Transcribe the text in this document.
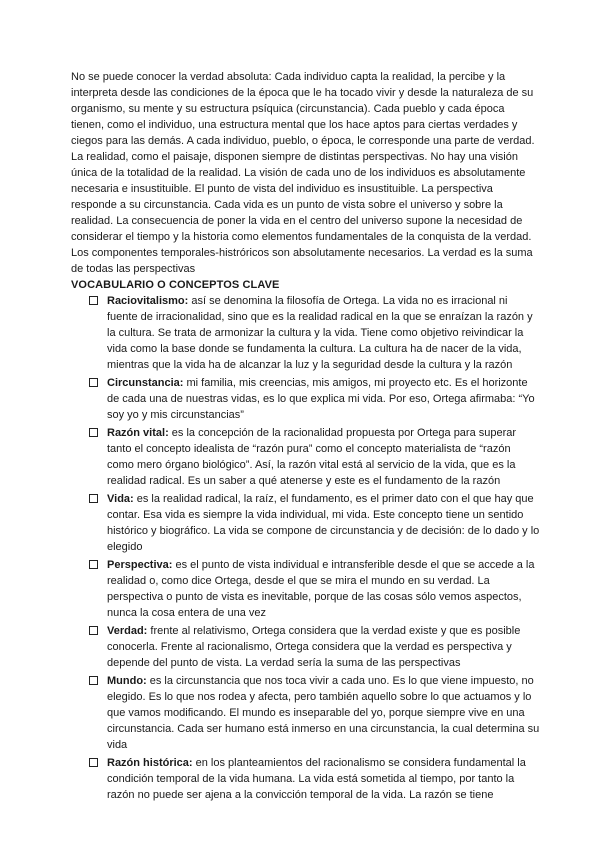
No se puede conocer la verdad absoluta: Cada individuo capta la realidad, la percibe y la interpreta desde las condiciones de la época que le ha tocado vivir y desde la naturaleza de su organismo, su mente y su estructura psíquica (circunstancia). Cada pueblo y cada época tienen, como el individuo, una estructura mental que los hace aptos para ciertas verdades y ciegos para las demás. A cada individuo, pueblo, o época, le corresponde una parte de verdad. La realidad, como el paisaje, disponen siempre de distintas perspectivas. No hay una visión única de la totalidad de la realidad. La visión de cada uno de los individuos es absolutamente necesaria e insustituible. El punto de vista del individuo es insustituible. La perspectiva responde a su circunstancia. Cada vida es un punto de vista sobre el universo y sobre la realidad. La consecuencia de poner la vida en el centro del universo supone la necesidad de considerar el tiempo y la historia como elementos fundamentales de la conquista de la verdad. Los componentes temporales-histróricos son absolutamente necesarios. La verdad es la suma de todas las perspectivas

VOCABULARIO O CONCEPTOS CLAVE
Raciovitalismo: así se denomina la filosofía de Ortega. La vida no es irracional ni fuente de irracionalidad, sino que es la realidad radical en la que se enraízan la razón y la cultura. Se trata de armonizar la cultura y la vida. Tiene como objetivo reivindicar la vida como la base donde se fundamenta la cultura. La cultura ha de nacer de la vida, mientras que la vida ha de alcanzar la luz y la seguridad desde la cultura y la razón
Circunstancia: mi familia, mis creencias, mis amigos, mi proyecto etc. Es el horizonte de cada una de nuestras vidas, es lo que explica mi vida. Por eso, Ortega afirmaba: “Yo soy yo y mis circunstancias”
Razón vital: es la concepción de la racionalidad propuesta por Ortega para superar tanto el concepto idealista de “razón pura” como el concepto materialista de “razón como mero órgano biológico”. Así, la razón vital está al servicio de la vida, que es la realidad radical. Es un saber a qué atenerse y este es el fundamento de la razón
Vida: es la realidad radical, la raíz, el fundamento, es el primer dato con el que hay que contar. Esa vida es siempre la vida individual, mi vida. Este concepto tiene un sentido histórico y biográfico. La vida se compone de circunstancia y de decisión: de lo dado y lo elegido
Perspectiva: es el punto de vista individual e intransferible desde el que se accede a la realidad o, como dice Ortega, desde el que se mira el mundo en su verdad. La perspectiva o punto de vista es inevitable, porque de las cosas sólo vemos aspectos, nunca la cosa entera de una vez
Verdad: frente al relativismo, Ortega considera que la verdad existe y que es posible conocerla. Frente al racionalismo, Ortega considera que la verdad es perspectiva y depende del punto de vista. La verdad sería la suma de las perspectivas
Mundo: es la circunstancia que nos toca vivir a cada uno. Es lo que viene impuesto, no elegido. Es lo que nos rodea y afecta, pero también aquello sobre lo que actuamos y lo que vamos modificando. El mundo es inseparable del yo, porque siempre vive en una circunstancia. Cada ser humano está inmerso en una circunstancia, la cual determina su vida
Razón histórica: en los planteamientos del racionalismo se considera fundamental la condición temporal de la vida humana. La vida está sometida al tiempo, por tanto la razón no puede ser ajena a la convicción temporal de la vida. La razón se tiene
